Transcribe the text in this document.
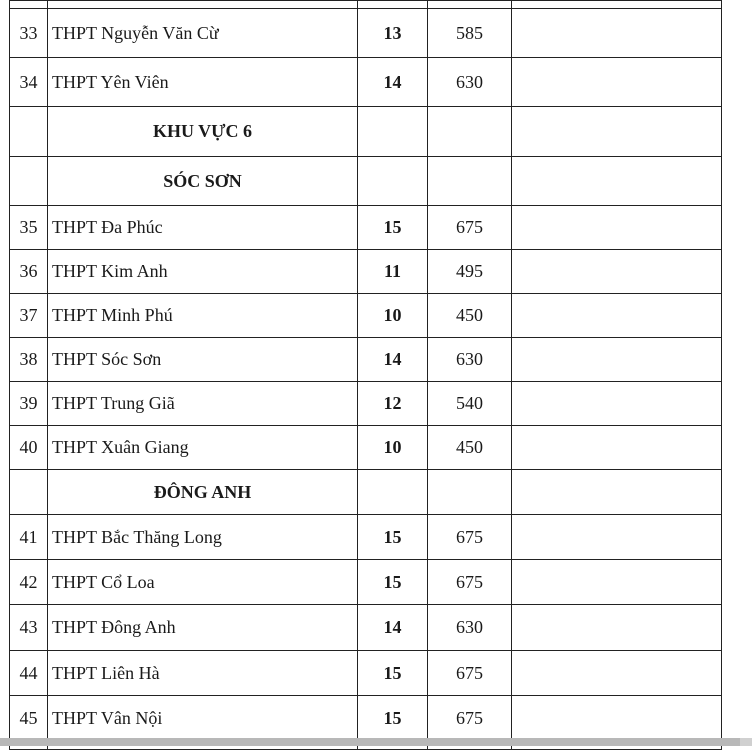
33	THPT Nguyễn Văn Cừ	13	585	
34	THPT Yên Viên	14	630	
	KHU VỰC 6			
	SÓC SƠN			
35	THPT Đa Phúc	15	675	
36	THPT Kim Anh	11	495	
37	THPT Minh Phú	10	450	
38	THPT Sóc Sơn	14	630	
39	THPT Trung Giã	12	540	
40	THPT Xuân Giang	10	450	
	ĐÔNG ANH			
41	THPT Bắc Thăng Long	15	675	
42	THPT Cổ Loa	15	675	
43	THPT Đông Anh	14	630	
44	THPT Liên Hà	15	675	
45	THPT Vân Nội	15	675	
